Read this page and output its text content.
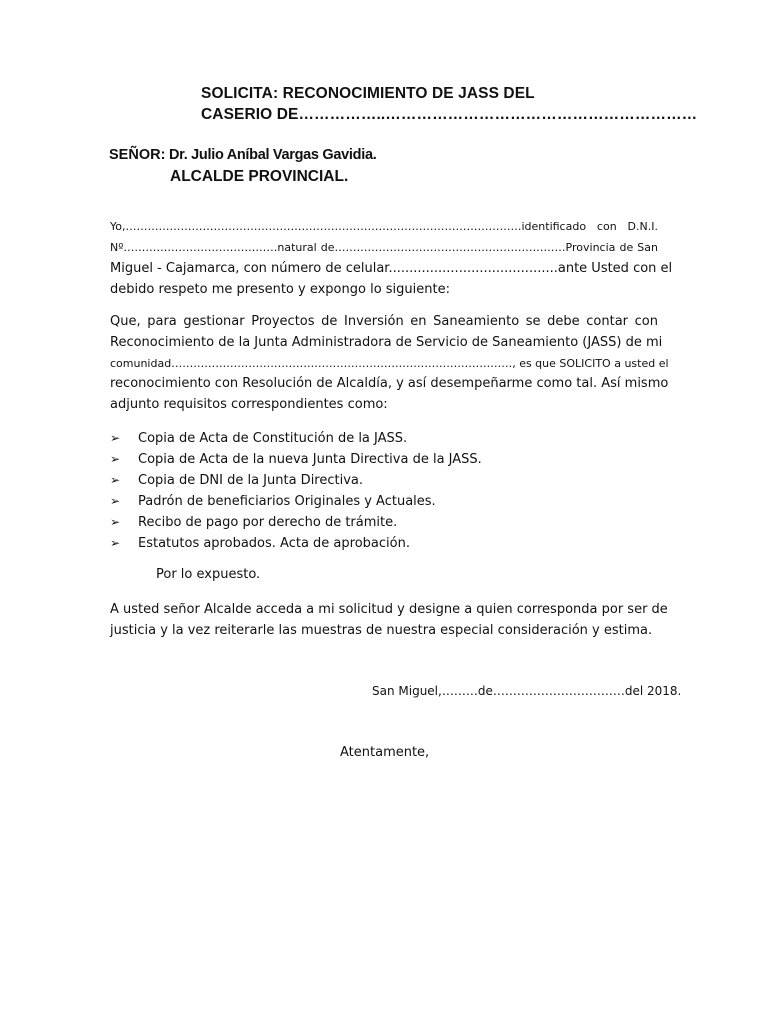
SOLICITA: RECONOCIMIENTO DE JASS DEL
CASERIO DE……………..……………………………………………………
SEÑOR: Dr. Julio Aníbal Vargas Gavidia.
ALCALDE PROVINCIAL.
Yo,………………………………………………………………………………………………identificado con D.N.I.
Nº……………………………………natural de………………………………………………………Provincia de San
Miguel - Cajamarca, con número de celular.........................................ante Usted con el
debido respeto me presento y expongo lo siguiente:
Que, para gestionar Proyectos de Inversión en Saneamiento se debe contar con
Reconocimiento de la Junta Administradora de Servicio de Saneamiento (JASS) de mi
comunidad…………………………………………………………………………………, es que SOLICITO a usted el
reconocimiento con Resolución de Alcaldía, y así desempeñarme como tal. Así mismo
adjunto requisitos correspondientes como:
➢ Copia de Acta de Constitución de la JASS.
➢ Copia de Acta de la nueva Junta Directiva de la JASS.
➢ Copia de DNI de la Junta Directiva.
➢ Padrón de beneficiarios Originales y Actuales.
➢ Recibo de pago por derecho de trámite.
➢ Estatutos aprobados. Acta de aprobación.
Por lo expuesto.
A usted señor Alcalde acceda a mi solicitud y designe a quien corresponda por ser de
justicia y la vez reiterarle las muestras de nuestra especial consideración y estima.
San Miguel,………de……………………………del 2018.
Atentamente,
